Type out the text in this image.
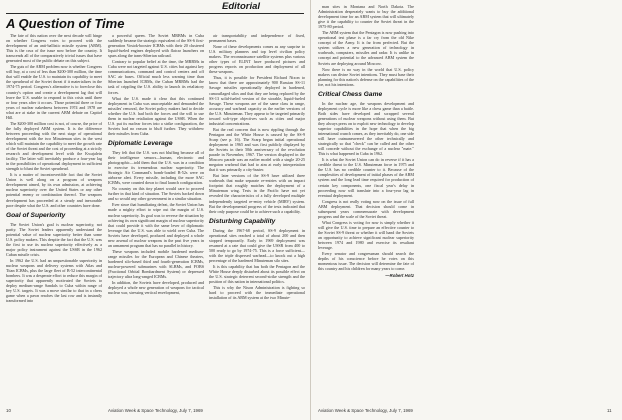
Editorial
A Question of Time

The fate of this nation over the next decade will hinge on whether Congress votes to proceed with the development of an anti-ballistic missile system (ABM). This is the crux of the issue now before the country. It transcends all of the comparatively trivial issues that have generated most of the public debate on this subject.

The guts of the ABM problem now is whether Congress will buy, at a cost of less than $200-300 million, the time that will enable the U.S. to maintain its capability to meet the spearhead of the Soviet threat if it materializes in the 1974-75 period. Congress's alternative is to foreclose this country's option and create a development lag that will leave the U.S. unable to respond to this crisis until three or four years after it occurs. Those potential three or four years of nuclear nakedness between 1974 and 1978 are what are at stake in the current ABM debate on Capitol Hill.

The $200-300 million cost is not, of course, the price of the fully deployed ABM system. It is the difference between proceeding with the next stage of operational development with the two Minuteman sites in the west which will maintain the capability to meet the growth rate of the Soviet threat and the cost of proceeding at a strictly research and development level with the Kwajalein facility. The latter will inevitably produce a four-year lag in the possibilities of operational deployment in sufficient strength to blunt the Soviet spearhead.

It is a matter of incontrovertible fact that the Soviet Union is well along on a program of weapons development aimed, by its own admission, at achieving nuclear superiority over the United States or any other potential enemy or combination thereof. The weapons development has proceeded at a steady and inexorable pace despite what the U.S. and other countries have done.

Goal of Superiority

The Soviet Union's goal is nuclear superiority, not parity. The Soviet leaders apparently understand the potential value of nuclear superiority better than some U.S. policy makers. This despite the fact that the U.S. was the first to use its nuclear superiority effectively as a major policy instrument against the USSR in the 1962 Cuban missile crisis.

In 1962 the U.S. had an unquestionable superiority in nuclear weapons and delivery systems with Atlas and Titan ICBMs, plus the large fleet of B-52 intercontinental bombers. It was a desperate effort to reduce this margin of superiority that apparently motivated the Soviets to deploy medium-range Sandals to Cuba within range of key U.S. targets. It was a move similar to that in a chess game when a pawn reaches the last row and is instantly transformed into

a powerful queen. The Soviet MRBMs in Cuba suddenly became the strategic equivalent of the SS-6 first-generation Vostok-booster ICBMs with their 20 clustered liquid-fueled engines deployed with flatcar launchers on spurs along the trans-Siberian railroad.

Contrary to popular belief at the time, the MRBMs in Cuba were not targeted against U.S. cities but against key communications, command and control centers and off SAC air bases. Official much less warning time than Siberian launched ICBMs, the Cuban MRBMs had the task of crippling the U.S. ability to launch its retaliatory forces.

What the U.S. made it clear that this continued deployment in Cuba was unacceptable and demanded the missiles' removal, the Soviet policy makers had to decide whether the U.S. had both the forces and the will to use them in nuclear retaliation against the USSR. When the U.S. put its nuclear forces into a strike configuration, the Soviets had no reason to bluff further. They withdrew their missiles from Cuba.

Diplomatic Leverage

They felt that the U.S. was not bluffing because all of their intelligence sensors—human, electronic and photographic—told them that the U.S. was in a condition to exercise its tremendous nuclear superiority. The Strategic Air Command's bomb-loaded B-52s were on airborne alert. Every missile, including the more SAC ICBMs, were counted down to final launch configuration.

No country on this tiny planet would care to proceed further in that kind of situation. The Soviets backed down and so would any other government in a similar situation.

Ever since that humiliating defeat, the Soviet Union has made a mighty effort to wipe out the margin of U.S. nuclear superiority. Its goal was to reverse the situation by achieving its own significant margin of nuclear superiority that could provide it with the same lever of diplomatic leverage that the U.S. was able to wield over Cuba. The Soviets have developed, produced and deployed a whole new arsenal of nuclear weapons in the past five years in an armament program that has no parallel in history.

These weapons included mobile hardened medium-range missiles for the European and Chinese theaters, hardened silo-based third and fourth-generation ICBMs, nuclear-powered submarines with SLBMs, and FOBS (Fractional Orbital Bombardment System) or depressed trajectory ultra long-ranged ICBMs.

In addition, the Soviets have developed, produced and deployed a whole new generation of weapons for tactical nuclear war, stressing vertical envelopment,

air transportability and independence of fixed, permanent bases.

None of these developments comes as any surprise to U.S. military planners and top level civilian policy makers. The reconnaissance satellite systems plus various other types of ELINT have produced pictures and progress reports on production and deployment of all these weapons.

Thus, it is possible for President Richard Nixon to know that there are approximately 900 Russian SS-11 Savage missiles operationally deployed in hardened, camouflaged silos and that they are being replaced by the SS-13 solid-fueled version of the storable, liquid-fueled Savage. These weapons are of the same class in range, accuracy and warhead capacity as the earlier versions of the U.S. Minuteman. They appear to be targeted primarily toward soft-type objectives such as cities and major industrial concentrations.

But the real concern that is now rippling through the Pentagon and the White House is caused by the SS-9 Scarp (see p. 16). The Scarp began initial operational deployment in 1965 and was first publicly displayed by the Soviets in their 50th anniversary of the revolution parade in November, 1967. The version displayed in the Moscow parade was an earlier model with a single 20-25 megaton warhead that had to aim at early interpretation that it was primarily a city-buster.

But later versions of the SS-9 have utilized three warheads that make separate re-entries with an impact footprint that roughly matches the deployment of a Minuteman wing. Tests in the Pacific have not yet revealed the characteristics of a fully developed multiple independently targeted re-entry vehicle (MIRV) system. But the developmental progress of the tests indicated that their only purpose could be to achieve such a capability.

Disturbing Capability

During the 1967-68 period, SS-9 deployment in operational sites reached a total of about 200 and then stopped temporarily. Early in 1969 deployment was resumed at a rate that could give the USSR from 400 to 500 ready to go by 1974-75. This is a force sufficient—with the triple dispersed warhead—to knock out a high percentage of the hardened Minuteman silo sites.

It is this capability that has both the Pentagon and the White House deeply disturbed about its possible effect on the U.S. strategic deterrent second-strike strength and the position of this nation in international politics.

This is why the Nixon Administration is fighting so hard to proceed with the immediate operational installation of its ABM system at the two Minute-

10	Aviation Week & Space Technology, July 7, 1969

man sites in Montana and North Dakota. The Administration desperately wants to buy the additional development time for an ABM system that will ultimately give it the capability to counter the Soviet threat in the 1975-80 period.

The ABM system that the Pentagon is now pushing into operational test phase is a far cry from the old Nike concept of the Army. It is far from perfected. But the system utilizes a new generation of technology in warheads, computers, missiles and radar. It is unlike in concept and potential to the advanced ABM system the Soviets are deploying around Moscow.

Now there is no way in the world that U.S. policy makers can divine Soviet intentions. They must base their planning for this nation's defense on the capabilities of the foe, not his intentions.

Critical Chess Game

In the nuclear age, the weapons development and deployment cycle is more like a chess game than a battle. Both sides have developed and scrapped several generations of nuclear weapons without using them. But they always press on to exploit new technology to develop superior capabilities in the hope that when the big international crunch comes, as they inevitably do, one side will have outmaneuvered the other technically and strategically so that "check" can be called and the other will concede without the exchange of a nuclear "mate." This is what happened in Cuba in 1962.

It is what the Soviet Union can do in reverse if it has a credible threat to the U.S. Minuteman force in 1975 and the U.S. has no credible counter to it. Because of the complexities of development of initial phases of the ABM system and the long lead time required for production of certain key components, one fiscal year's delay in proceeding now will translate into a four-year lag in eventual deployment.

Congress is not really voting now on the issue of full ABM deployment. That decision should come in subsequent years commensurate with development progress and the scale of the Soviet threat.

What Congress is voting for now is simply whether it will give the U.S. time to prepare an effective counter to the Soviet SS-9 threat or whether it will hand the Soviets an opportunity to achieve significant nuclear superiority between 1974 and 1980 and exercise its resultant leverage.

Every senator and congressman should search the depths of his conscience before he votes on this momentous issue. The decision will determine the fate of this country and his children for many years to come.

—Robert Hotz

Aviation Week & Space Technology, July 7, 1969	11
